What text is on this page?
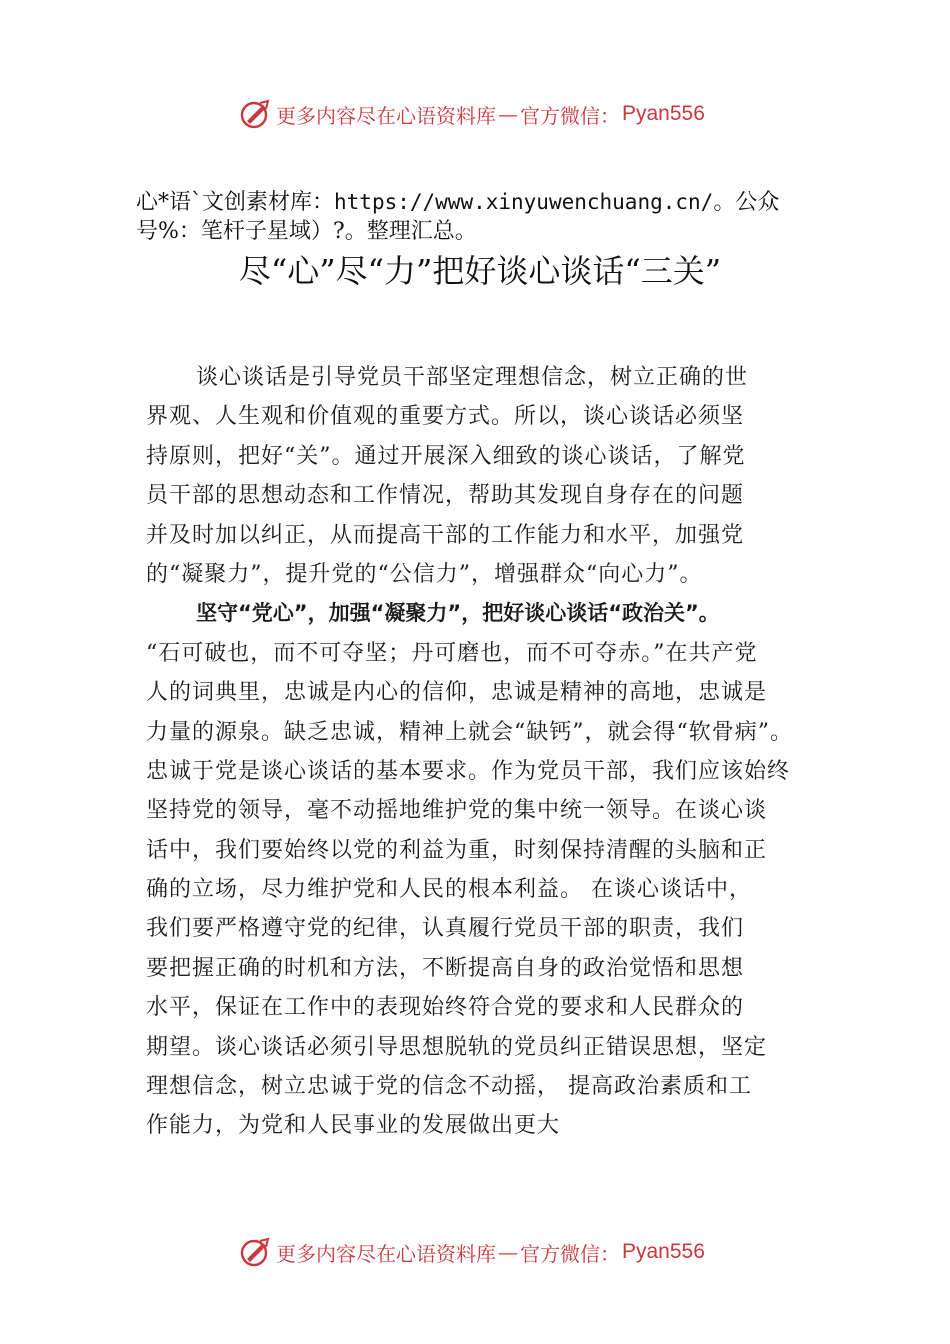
更多内容尽在心语资料库 — 官方微信： Pyan556
心*语`文创素材库：https://www.xinyuwenchuang.cn/。公众
号%：笔杆子星域）?。整理汇总。
尽“心”尽“力”把好谈心谈话“三关”
谈心谈话是引导党员干部坚定理想信念，树立正确的世
界观、人生观和价值观的重要方式。所以，谈心谈话必须坚
持原则，把好“关”。通过开展深入细致的谈心谈话，了解党
员干部的思想动态和工作情况，帮助其发现自身存在的问题
并及时加以纠正，从而提高干部的工作能力和水平，加强党
的“凝聚力”，提升党的“公信力”，增强群众“向心力”。
坚守“党心”，加强“凝聚力”，把好谈心谈话“政治关”。
“石可破也，而不可夺坚；丹可磨也，而不可夺赤。”在共产党
人的词典里，忠诚是内心的信仰，忠诚是精神的高地，忠诚是
力量的源泉。缺乏忠诚，精神上就会“缺钙”，就会得“软骨病”。
忠诚于党是谈心谈话的基本要求。作为党员干部，我们应该始终
坚持党的领导，毫不动摇地维护党的集中统一领导。在谈心谈
话中，我们要始终以党的利益为重，时刻保持清醒的头脑和正
确的立场，尽力维护党和人民的根本利益。 在谈心谈话中，
我们要严格遵守党的纪律，认真履行党员干部的职责，我们
要把握正确的时机和方法，不断提高自身的政治觉悟和思想
水平，保证在工作中的表现始终符合党的要求和人民群众的
期望。谈心谈话必须引导思想脱轨的党员纠正错误思想，坚定
理想信念，树立忠诚于党的信念不动摇， 提高政治素质和工
作能力，为党和人民事业的发展做出更大
更多内容尽在心语资料库 — 官方微信： Pyan556
